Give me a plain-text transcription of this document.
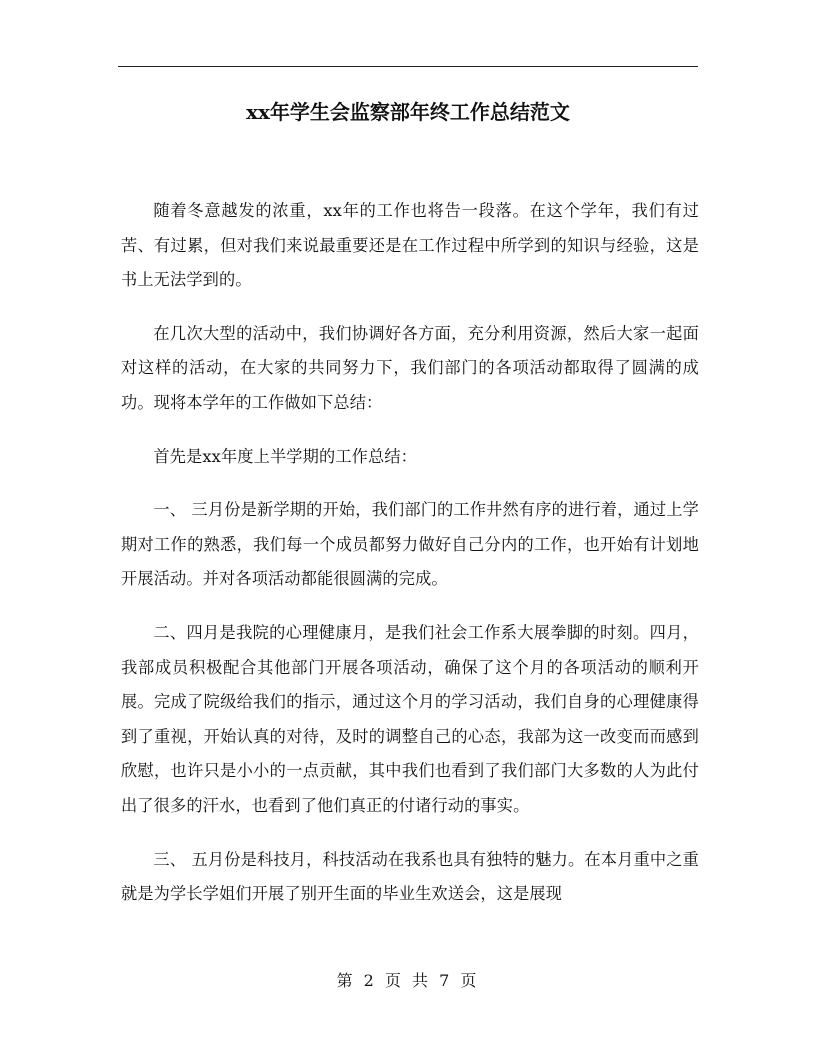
xx年学生会监察部年终工作总结范文

随着冬意越发的浓重，xx年的工作也将告一段落。在这个学年，我们有过苦、有过累，但对我们来说最重要还是在工作过程中所学到的知识与经验，这是书上无法学到的。

在几次大型的活动中，我们协调好各方面，充分利用资源，然后大家一起面对这样的活动，在大家的共同努力下，我们部门的各项活动都取得了圆满的成功。现将本学年的工作做如下总结：

首先是xx年度上半学期的工作总结：

一、 三月份是新学期的开始，我们部门的工作井然有序的进行着，通过上学期对工作的熟悉，我们每一个成员都努力做好自己分内的工作，也开始有计划地开展活动。并对各项活动都能很圆满的完成。

二、四月是我院的心理健康月，是我们社会工作系大展拳脚的时刻。四月，我部成员积极配合其他部门开展各项活动，确保了这个月的各项活动的顺利开展。完成了院级给我们的指示，通过这个月的学习活动，我们自身的心理健康得到了重视，开始认真的对待，及时的调整自己的心态，我部为这一改变而而感到欣慰，也许只是小小的一点贡献，其中我们也看到了我们部门大多数的人为此付出了很多的汗水，也看到了他们真正的付诸行动的事实。

三、 五月份是科技月，科技活动在我系也具有独特的魅力。在本月重中之重就是为学长学姐们开展了别开生面的毕业生欢送会，这是展现

第 2 页 共 7 页
